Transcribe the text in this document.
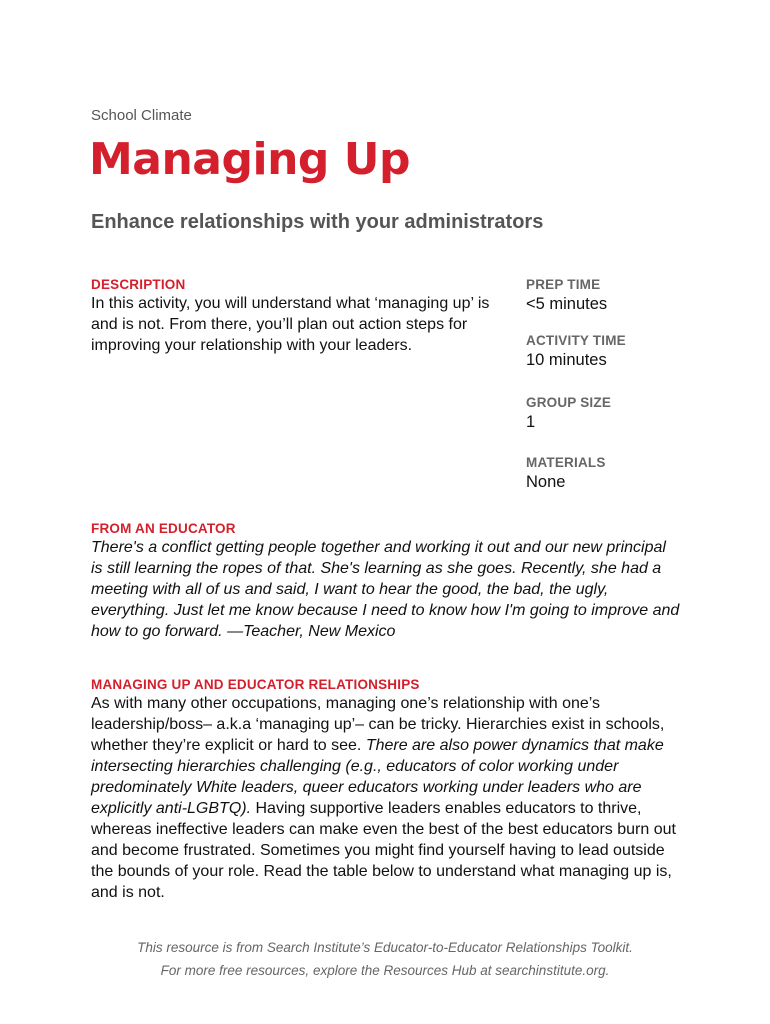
School Climate
Managing Up
Enhance relationships with your administrators
DESCRIPTION
In this activity, you will understand what ‘managing up’ is and is not. From there, you’ll plan out action steps for improving your relationship with your leaders.
PREP TIME
<5 minutes
ACTIVITY TIME
10 minutes
GROUP SIZE
1
MATERIALS
None
FROM AN EDUCATOR
There's a conflict getting people together and working it out and our new principal is still learning the ropes of that. She's learning as she goes. Recently, she had a meeting with all of us and said, I want to hear the good, the bad, the ugly, everything. Just let me know because I need to know how I'm going to improve and how to go forward. —Teacher, New Mexico
MANAGING UP AND EDUCATOR RELATIONSHIPS
As with many other occupations, managing one’s relationship with one’s leadership/boss– a.k.a ‘managing up’– can be tricky. Hierarchies exist in schools, whether they’re explicit or hard to see. There are also power dynamics that make intersecting hierarchies challenging (e.g., educators of color working under predominately White leaders, queer educators working under leaders who are explicitly anti-LGBTQ). Having supportive leaders enables educators to thrive, whereas ineffective leaders can make even the best of the best educators burn out and become frustrated. Sometimes you might find yourself having to lead outside the bounds of your role. Read the table below to understand what managing up is, and is not.
This resource is from Search Institute’s Educator-to-Educator Relationships Toolkit.
For more free resources, explore the Resources Hub at searchinstitute.org.
